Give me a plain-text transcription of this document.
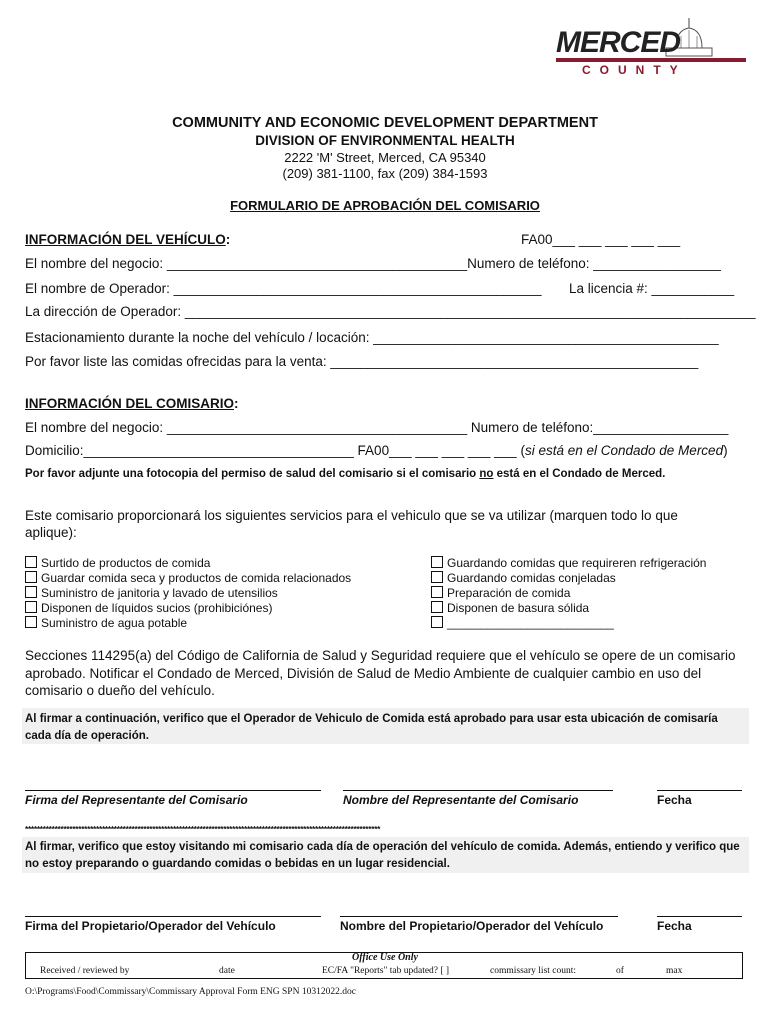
MERCED
COUNTY
COMMUNITY AND ECONOMIC DEVELOPMENT DEPARTMENT
DIVISION OF ENVIRONMENTAL HEALTH
2222 'M' Street, Merced, CA 95340
(209) 381-1100, fax (209) 384-1593
FORMULARIO DE APROBACIÓN DEL COMISARIO
INFORMACIÓN DEL VEHÍCULO:	FA00___ ___ ___ ___ ___
El nombre del negocio: ________________________________________Numero de teléfono: _________________
El nombre de Operador: _________________________________________________ La licencia #: ___________
La dirección de Operador: ____________________________________________________________________________
Estacionamiento durante la noche del vehículo / locación: ______________________________________________
Por favor liste las comidas ofrecidas para la venta: _________________________________________________
INFORMACIÓN DEL COMISARIO:
El nombre del negocio: ________________________________________ Numero de teléfono:__________________
Domicilio:____________________________________ FA00___ ___ ___ ___ ___ (si está en el Condado de Merced)
Por favor adjunte una fotocopia del permiso de salud del comisario si el comisario no está en el Condado de Merced.
Este comisario proporcionará los siguientes servicios para el vehiculo que se va utilizar (marquen todo lo que aplique):
Surtido de productos de comida
Guardar comida seca y productos de comida relacionados
Suministro de janitoria y lavado de utensilios
Disponen de líquidos sucios (prohibiciónes)
Suministro de agua potable
Guardando comidas que requireren refrigeración
Guardando comidas conjeladas
Preparación de comida
Disponen de basura sólida
_________________________
Secciones 114295(a) del Código de California de Salud y Seguridad requiere que el vehículo se opere de un comisario aprobado. Notificar el Condado de Merced, División de Salud de Medio Ambiente de cualquier cambio en uso del comisario o dueño del vehículo.
Al firmar a continuación, verifico que el Operador de Vehiculo de Comida está aprobado para usar esta ubicación de comisaría cada día de operación.
Firma del Representante del Comisario	Nombre del Representante del Comisario	Fecha
************************************************************************************************************************
Al firmar, verifico que estoy visitando mi comisario cada día de operación del vehículo de comida. Además, entiendo y verifico que no estoy preparando o guardando comidas o bebidas en un lugar residencial.
Firma del Propietario/Operador del Vehículo	Nombre del Propietario/Operador del Vehículo	Fecha
Office Use Only
Received / reviewed by	date	EC/FA "Reports" tab updated? [ ]	commissary list count:	of	max
O:\Programs\Food\Commissary\Commissary Approval Form ENG SPN 10312022.doc
